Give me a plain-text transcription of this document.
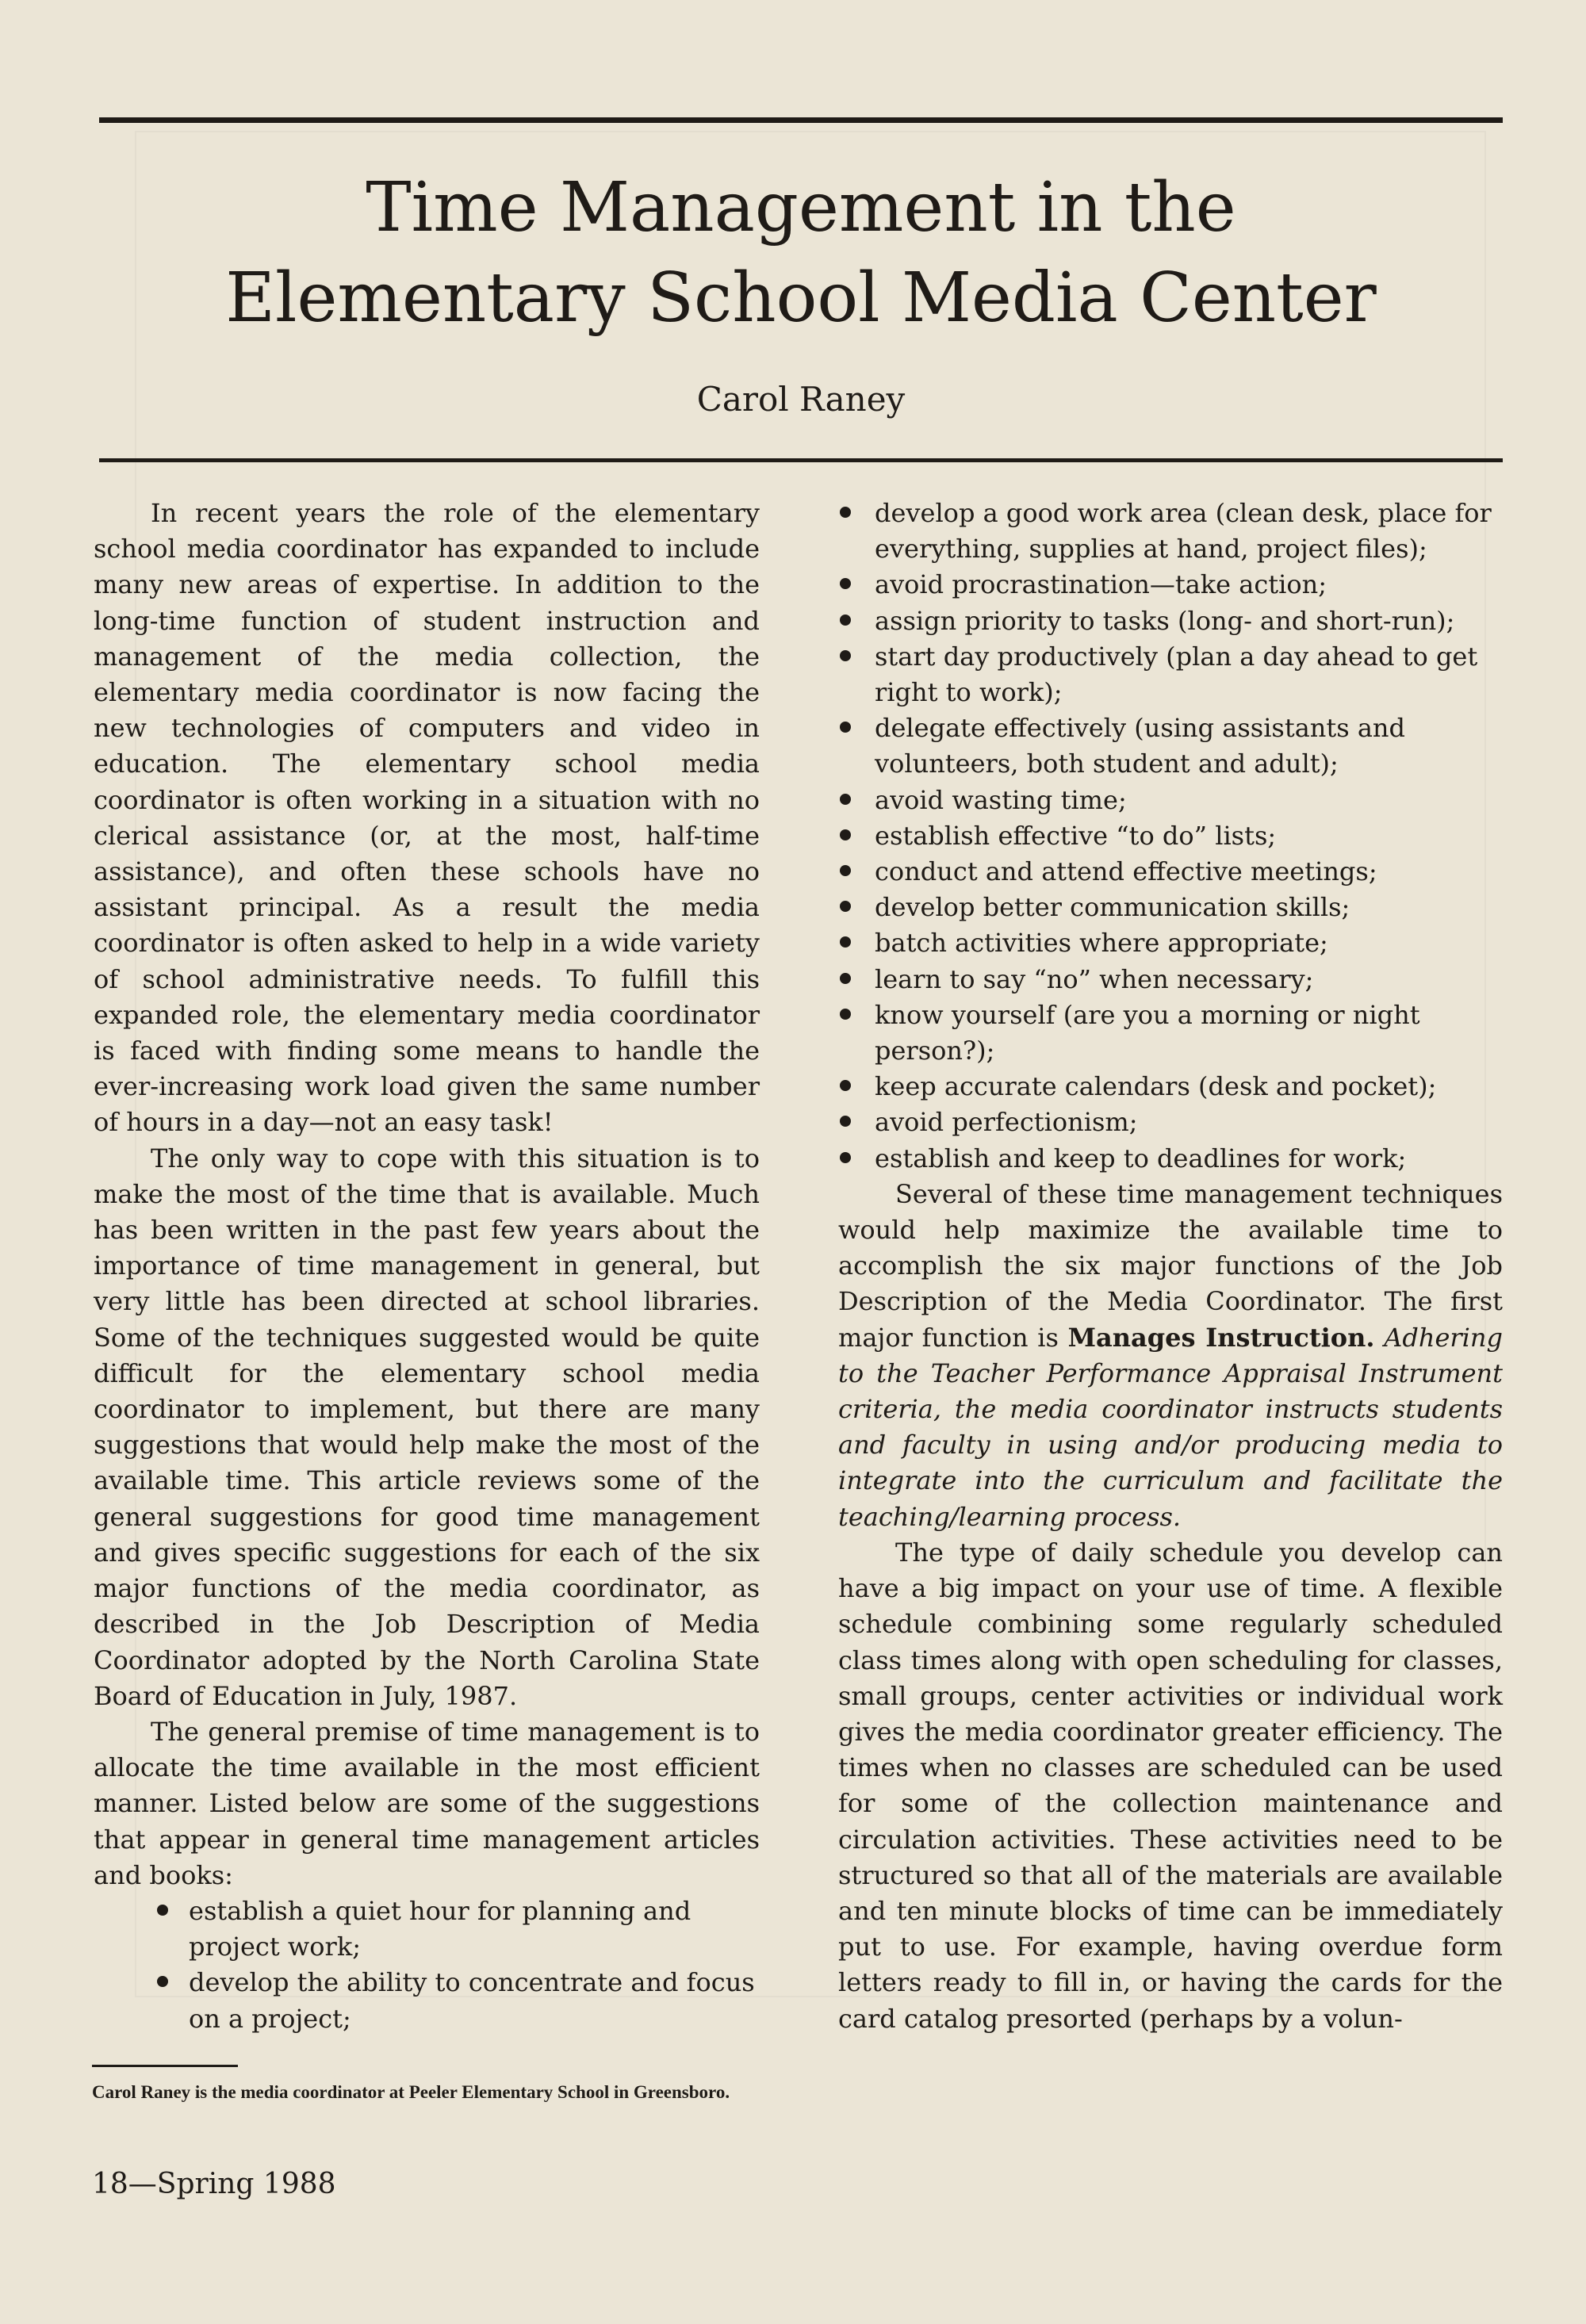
Time Management in the
Elementary School Media Center
Carol Raney

In recent years the role of the elementary school media coordinator has expanded to include many new areas of expertise. In addition to the long-time function of student instruction and management of the media collection, the elementary media coordinator is now facing the new technologies of computers and video in education. The elementary school media coordinator is often working in a situation with no clerical assistance (or, at the most, half-time assistance), and often these schools have no assistant principal. As a result the media coordinator is often asked to help in a wide variety of school administrative needs. To fulfill this expanded role, the elementary media coordinator is faced with finding some means to handle the ever-increasing work load given the same number of hours in a day—not an easy task!

The only way to cope with this situation is to make the most of the time that is available. Much has been written in the past few years about the importance of time management in general, but very little has been directed at school libraries. Some of the techniques suggested would be quite difficult for the elementary school media coordinator to implement, but there are many suggestions that would help make the most of the available time. This article reviews some of the general suggestions for good time management and gives specific suggestions for each of the six major functions of the media coordinator, as described in the Job Description of Media Coordinator adopted by the North Carolina State Board of Education in July, 1987.

The general premise of time management is to allocate the time available in the most efficient manner. Listed below are some of the suggestions that appear in general time management articles and books:

establish a quiet hour for planning and project work;
develop the ability to concentrate and focus on a project;
develop a good work area (clean desk, place for everything, supplies at hand, project files);
avoid procrastination—take action;
assign priority to tasks (long- and short-run);
start day productively (plan a day ahead to get right to work);
delegate effectively (using assistants and volunteers, both student and adult);
avoid wasting time;
establish effective “to do” lists;
conduct and attend effective meetings;
develop better communication skills;
batch activities where appropriate;
learn to say “no” when necessary;
know yourself (are you a morning or night person?);
keep accurate calendars (desk and pocket);
avoid perfectionism;
establish and keep to deadlines for work;

Several of these time management techniques would help maximize the available time to accomplish the six major functions of the Job Description of the Media Coordinator. The first major function is Manages Instruction. Adhering to the Teacher Performance Appraisal Instrument criteria, the media coordinator instructs students and faculty in using and/or producing media to integrate into the curriculum and facilitate the teaching/learning process.

The type of daily schedule you develop can have a big impact on your use of time. A flexible schedule combining some regularly scheduled class times along with open scheduling for classes, small groups, center activities or individual work gives the media coordinator greater efficiency. The times when no classes are scheduled can be used for some of the collection maintenance and circulation activities. These activities need to be structured so that all of the materials are available and ten minute blocks of time can be immediately put to use. For example, having overdue form letters ready to fill in, or having the cards for the card catalog presorted (perhaps by a volun-

Carol Raney is the media coordinator at Peeler Elementary School in Greensboro.
18—Spring 1988
